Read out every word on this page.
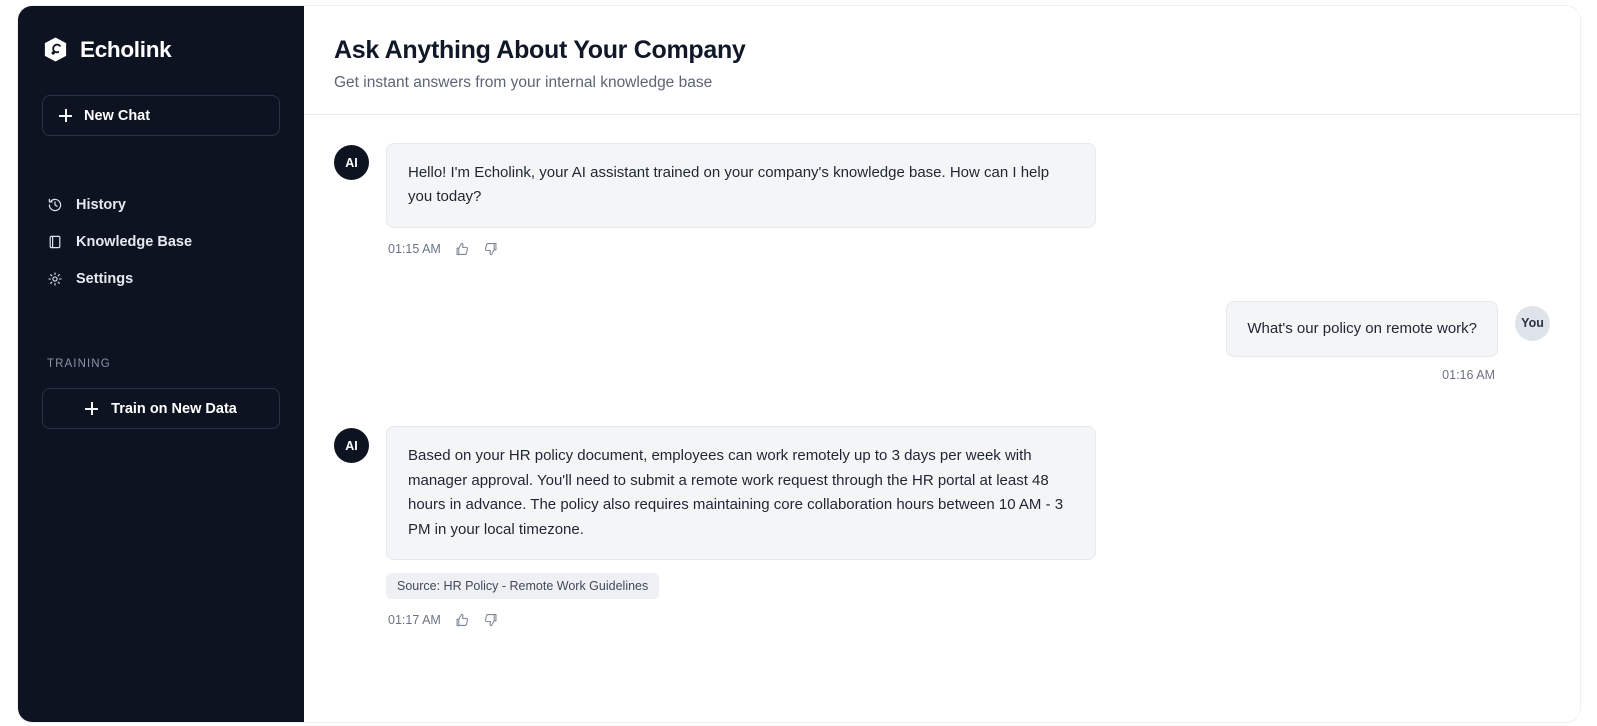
Echolink
New Chat
History
Knowledge Base
Settings
TRAINING
Train on New Data
Ask Anything About Your Company
Get instant answers from your internal knowledge base
AI
Hello! I'm Echolink, your AI assistant trained on your company's knowledge base. How can I help you today?
01:15 AM
What's our policy on remote work?
01:16 AM
You
AI
Based on your HR policy document, employees can work remotely up to 3 days per week with manager approval. You'll need to submit a remote work request through the HR portal at least 48 hours in advance. The policy also requires maintaining core collaboration hours between 10 AM - 3 PM in your local timezone.
Source: HR Policy - Remote Work Guidelines
01:17 AM
